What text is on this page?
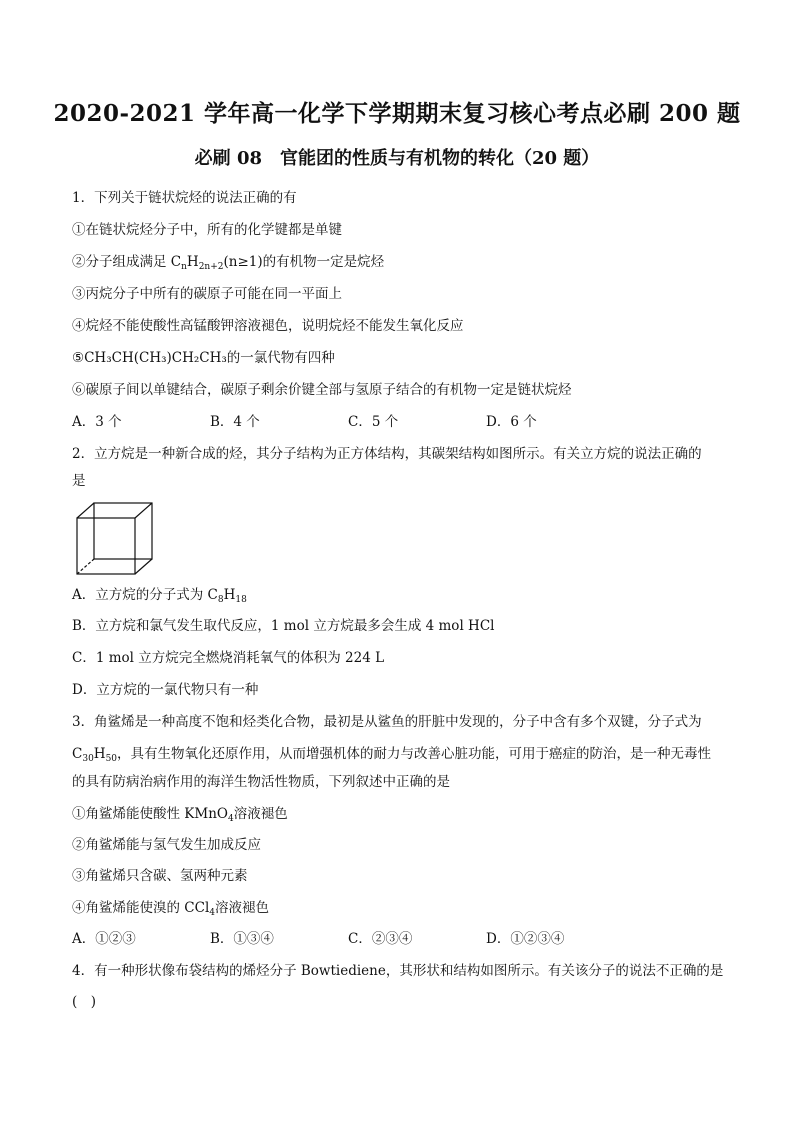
2020-2021 学年高一化学下学期期末复习核心考点必刷 200 题
必刷 08　官能团的性质与有机物的转化（20 题）
1．下列关于链状烷烃的说法正确的有
①在链状烷烃分子中，所有的化学键都是单键
②分子组成满足 $C_nH_{2n+2}(n\ge 1)$的有机物一定是烷烃
③丙烷分子中所有的碳原子可能在同一平面上
④烷烃不能使酸性高锰酸钾溶液褪色，说明烷烃不能发生氧化反应
⑤CH₃CH(CH₃)CH₂CH₃的一氯代物有四种
⑥碳原子间以单键结合，碳原子剩余价键全部与氢原子结合的有机物一定是链状烷烃
A．3 个	B．4 个	C．5 个	D．6 个
2．立方烷是一种新合成的烃，其分子结构为正方体结构，其碳架结构如图所示。有关立方烷的说法正确的
是
A．立方烷的分子式为 $C_8H_{18}$
B．立方烷和氯气发生取代反应，1 mol 立方烷最多会生成 4 mol HCl
C．1 mol 立方烷完全燃烧消耗氧气的体积为 224 L
D．立方烷的一氯代物只有一种
3．角鲨烯是一种高度不饱和烃类化合物，最初是从鲨鱼的肝脏中发现的，分子中含有多个双键，分子式为
$C_{30}H_{50}$，具有生物氧化还原作用，从而增强机体的耐力与改善心脏功能，可用于癌症的防治，是一种无毒性
的具有防病治病作用的海洋生物活性物质，下列叙述中正确的是
①角鲨烯能使酸性 KMnO$_4$溶液褪色
②角鲨烯能与氢气发生加成反应
③角鲨烯只含碳、氢两种元素
④角鲨烯能使溴的 CCl$_4$溶液褪色
A．①②③	B．①③④	C．②③④	D．①②③④
4．有一种形状像布袋结构的烯烃分子 Bowtiediene，其形状和结构如图所示。有关该分子的说法不正确的是
(　)
